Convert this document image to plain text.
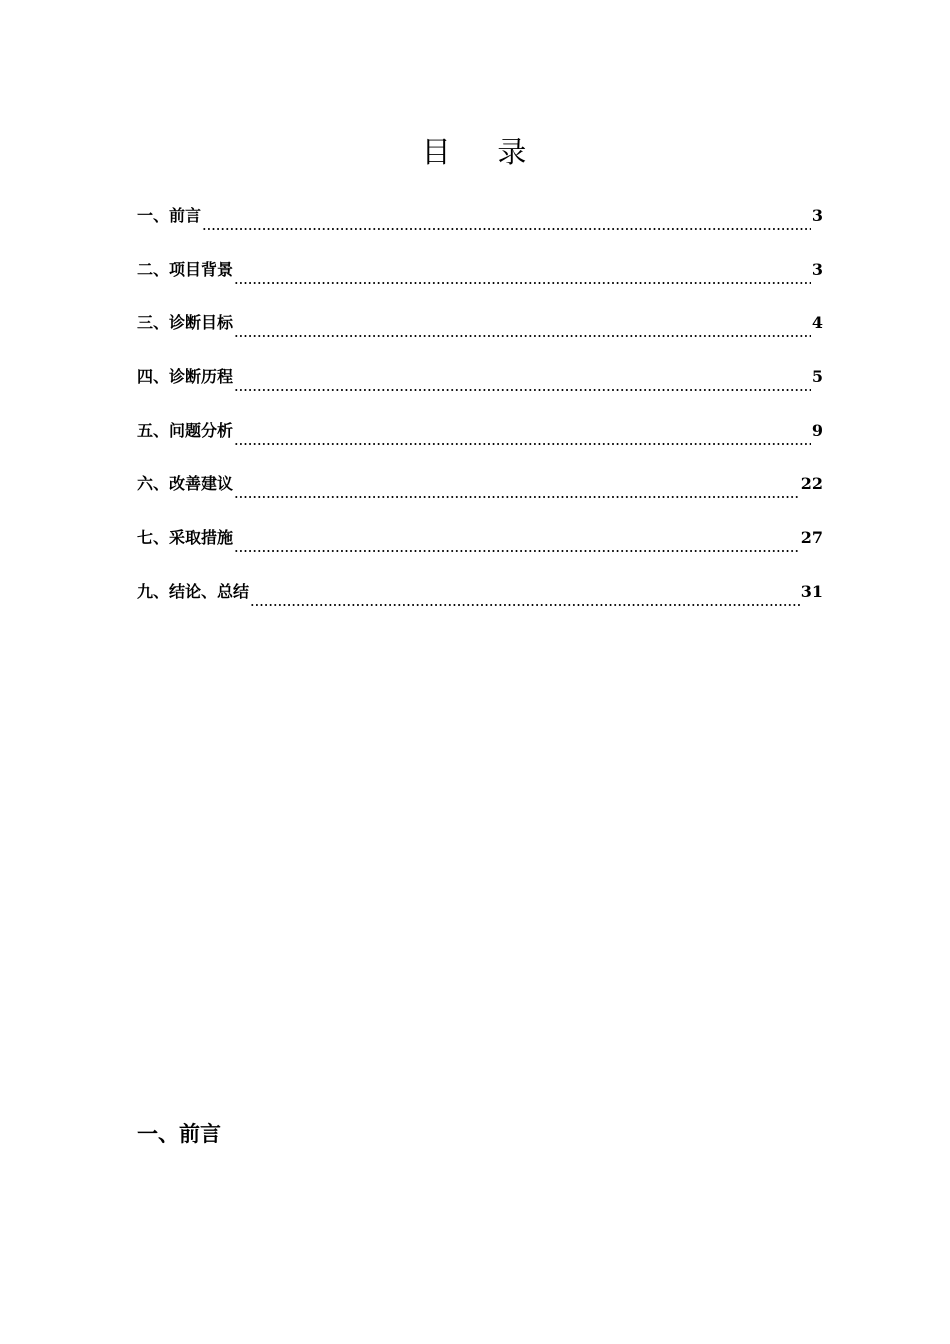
目    录
一、前言	3
二、项目背景	3
三、诊断目标	4
四、诊断历程	5
五、问题分析	9
六、改善建议	22
七、采取措施	27
九、结论、总结	31
一、前言
